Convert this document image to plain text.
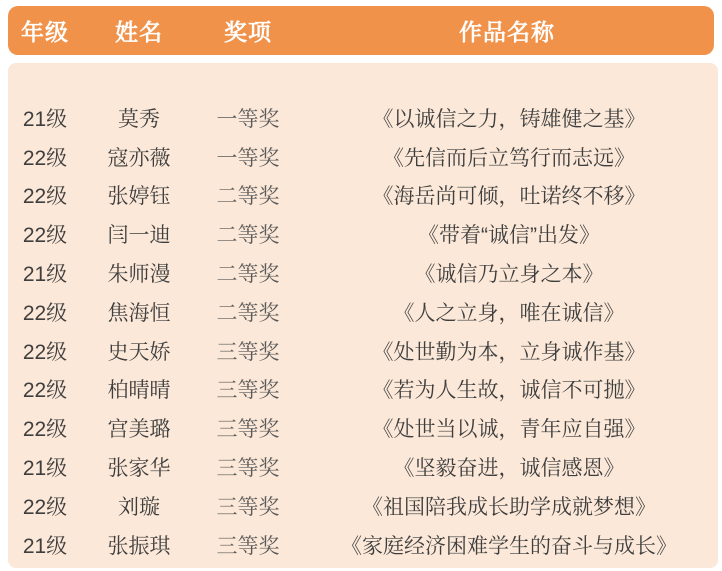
年级	姓名	奖项	作品名称
21级	莫秀	一等奖	《以诚信之力，铸雄健之基》
22级	寇亦薇	一等奖	《先信而后立笃行而志远》
22级	张婷钰	二等奖	《海岳尚可倾，吐诺终不移》
22级	闫一迪	二等奖	《带着“诚信”出发》
21级	朱师漫	二等奖	《诚信乃立身之本》
22级	焦海恒	二等奖	《人之立身，唯在诚信》
22级	史天娇	三等奖	《处世勤为本，立身诚作基》
22级	柏晴晴	三等奖	《若为人生故，诚信不可抛》
22级	宫美璐	三等奖	《处世当以诚，青年应自强》
21级	张家华	三等奖	《坚毅奋进，诚信感恩》
22级	刘璇	三等奖	《祖国陪我成长助学成就梦想》
21级	张振琪	三等奖	《家庭经济困难学生的奋斗与成长》
